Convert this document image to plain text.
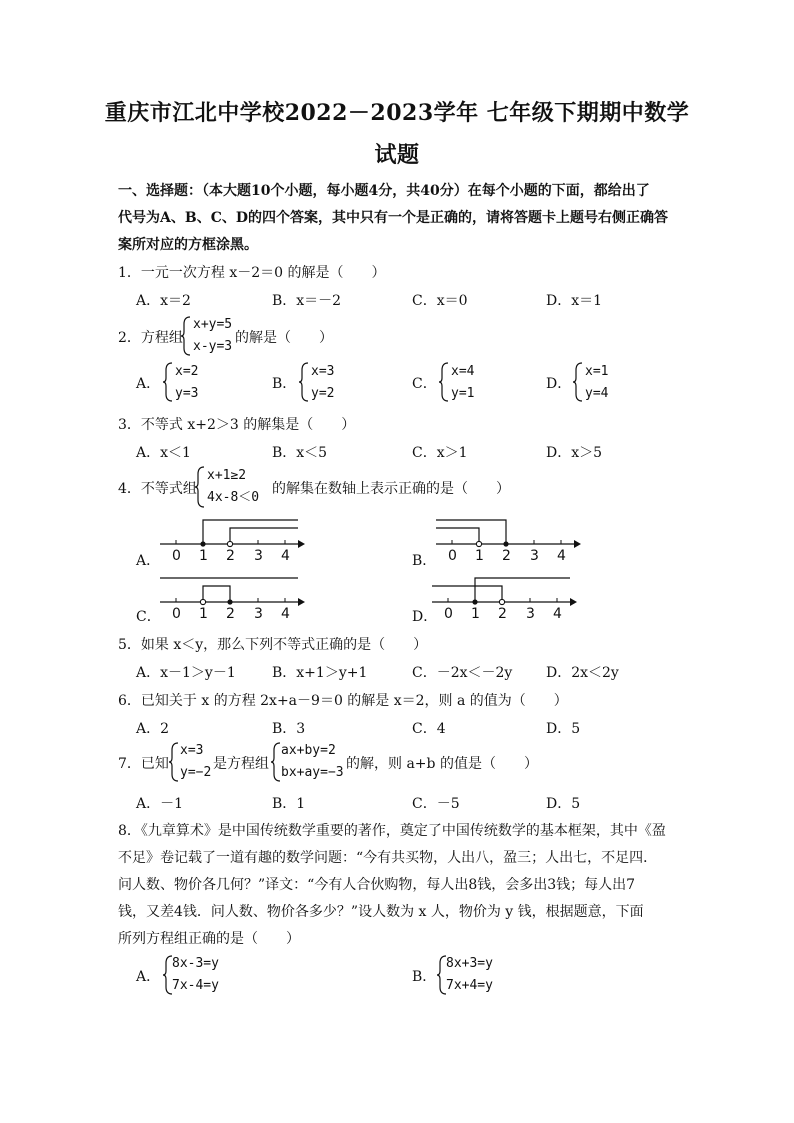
重庆市江北中学校2022－2023学年 七年级下期期中数学
试题
一、选择题：（本大题10个小题，每小题4分，共40分）在每个小题的下面，都给出了
代号为A、B、C、D的四个答案，其中只有一个是正确的，请将答题卡上题号右侧正确答
案所对应的方框涂黑。
1．一元一次方程 x－2＝0 的解是（　　）
A．x＝2	B．x＝－2	C．x＝0	D．x＝1
2．方程组
x+y=5
x-y=3
的解是（　　）
A．
x=2
y=3
B．
x=3
y=2
C．
x=4
y=1
D．
x=1
y=4
3．不等式 x+2＞3 的解集是（　　）
A．x＜1	B．x＜5	C．x＞1	D．x＞5
4．不等式组
x+1≥2
4x-8＜0
的解集在数轴上表示正确的是（　　）
A． 0 1 2 3 4	B． 0 1 2 3 4
C． 0 1 2 3 4	D． 0 1 2 3 4
5．如果 x＜y，那么下列不等式正确的是（　　）
A．x－1＞y－1	B．x+1＞y+1	C．－2x＜－2y D．2x＜2y
6．已知关于 x 的方程 2x+a－9＝0 的解是 x＝2，则 a 的值为（　　）
A．2	B．3	C．4	D．5
7．已知
x=3
y=−2
是方程组
ax+by=2
bx+ay=−3
的解，则 a+b 的值是（　　）
A．－1	B．1	C．－5	D．5
8．《九章算术》是中国传统数学重要的著作，奠定了中国传统数学的基本框架，其中《盈
不足》卷记载了一道有趣的数学问题：“今有共买物，人出八，盈三；人出七，不足四．
问人数、物价各几何？”译文：“今有人合伙购物，每人出8钱，会多出3钱；每人出7
钱，又差4钱．问人数、物价各多少？”设人数为 x 人，物价为 y 钱，根据题意，下面
所列方程组正确的是（　　）
A．
8x-3=y
7x-4=y
B．
8x+3=y
7x+4=y
